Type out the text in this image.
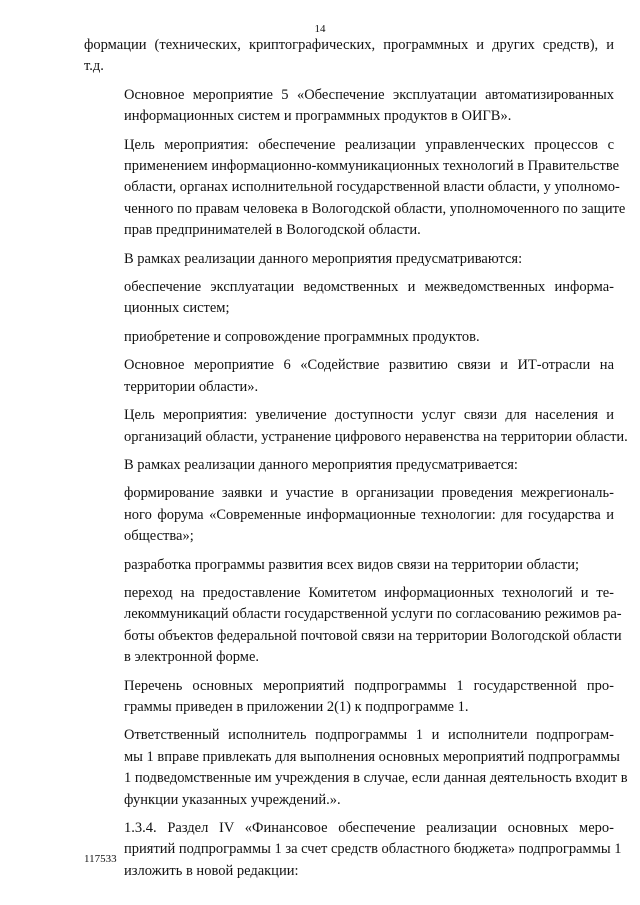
14

формации (технических, криптографических, программных и других средств), и
т.д.

Основное мероприятие 5 «Обеспечение эксплуатации автоматизированных
информационных систем и программных продуктов в ОИГВ».

Цель мероприятия: обеспечение реализации управленческих процессов с
применением информационно-коммуникационных технологий в Правительстве
области, органах исполнительной государственной власти области, у уполномо-
ченного по правам человека в Вологодской области, уполномоченного по защите
прав предпринимателей в Вологодской области.

В рамках реализации данного мероприятия предусматриваются:

обеспечение эксплуатации ведомственных и межведомственных информа-
ционных систем;

приобретение и сопровождение программных продуктов.

Основное мероприятие 6 «Содействие развитию связи и ИТ-отрасли на
территории области».

Цель мероприятия: увеличение доступности услуг связи для населения и
организаций области, устранение цифрового неравенства на территории области.

В рамках реализации данного мероприятия предусматривается:

формирование заявки и участие в организации проведения межрегиональ-
ного форума «Современные информационные технологии: для государства и
общества»;

разработка программы развития всех видов связи на территории области;

переход на предоставление Комитетом информационных технологий и те-
лекоммуникаций области государственной услуги по согласованию режимов ра-
боты объектов федеральной почтовой связи на территории Вологодской области
в электронной форме.

Перечень основных мероприятий подпрограммы 1 государственной про-
граммы приведен в приложении 2(1) к подпрограмме 1.

Ответственный исполнитель подпрограммы 1 и исполнители подпрограм-
мы 1 вправе привлекать для выполнения основных мероприятий подпрограммы
1 подведомственные им учреждения в случае, если данная деятельность входит в
функции указанных учреждений.».

1.3.4. Раздел IV «Финансовое обеспечение реализации основных меро-
приятий подпрограммы 1 за счет средств областного бюджета» подпрограммы 1
изложить в новой редакции:

117533
